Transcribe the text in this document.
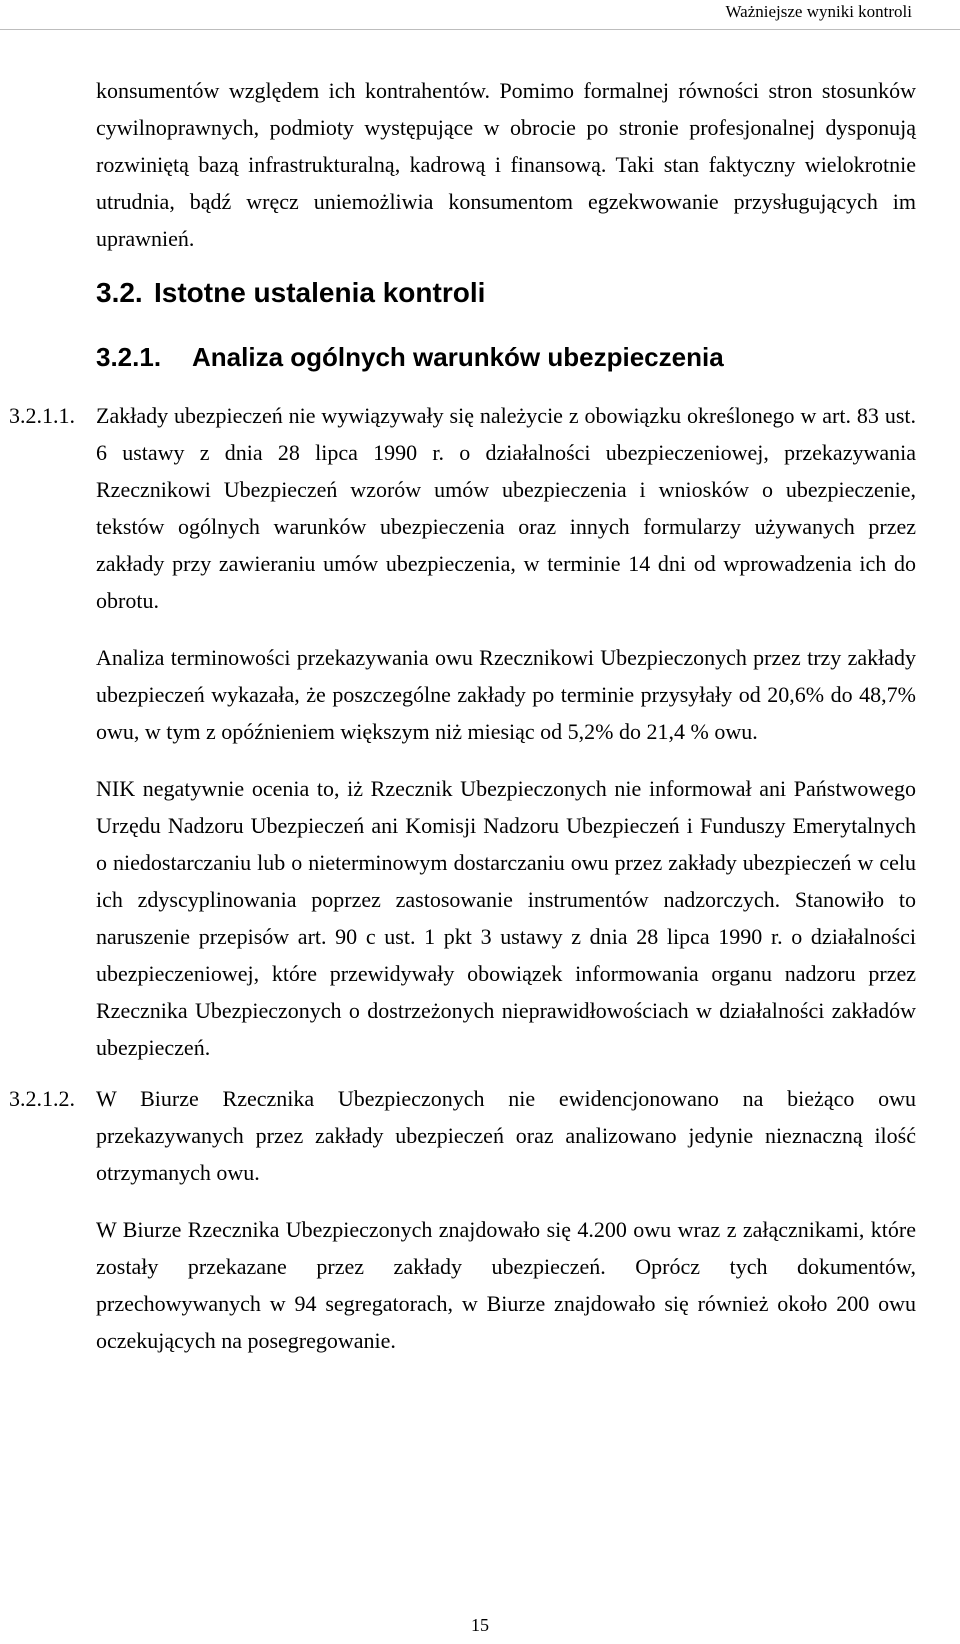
Ważniejsze wyniki kontroli

konsumentów względem ich kontrahentów. Pomimo formalnej równości stron stosunków cywilnoprawnych, podmioty występujące w obrocie po stronie profesjonalnej dysponują rozwiniętą bazą infrastrukturalną, kadrową i finansową. Taki stan faktyczny wielokrotnie utrudnia, bądź wręcz uniemożliwia konsumentom egzekwowanie przysługujących im uprawnień.

3.2. Istotne ustalenia kontroli
3.2.1. Analiza ogólnych warunków ubezpieczenia
3.2.1.1. Zakłady ubezpieczeń nie wywiązywały się należycie z obowiązku określonego w art. 83 ust. 6 ustawy z dnia 28 lipca 1990 r. o działalności ubezpieczeniowej, przekazywania Rzecznikowi Ubezpieczeń wzorów umów ubezpieczenia i wniosków o ubezpieczenie, tekstów ogólnych warunków ubezpieczenia oraz innych formularzy używanych przez zakłady przy zawieraniu umów ubezpieczenia, w terminie 14 dni od wprowadzenia ich do obrotu.

Analiza terminowości przekazywania owu Rzecznikowi Ubezpieczonych przez trzy zakłady ubezpieczeń wykazała, że poszczególne zakłady po terminie przysyłały od 20,6% do 48,7% owu, w tym z opóźnieniem większym niż miesiąc od 5,2% do 21,4 % owu.

NIK negatywnie ocenia to, iż Rzecznik Ubezpieczonych nie informował ani Państwowego Urzędu Nadzoru Ubezpieczeń ani Komisji Nadzoru Ubezpieczeń i Funduszy Emerytalnych o niedostarczaniu lub o nieterminowym dostarczaniu owu przez zakłady ubezpieczeń w celu ich zdyscyplinowania poprzez zastosowanie instrumentów nadzorczych. Stanowiło to naruszenie przepisów art. 90 c ust. 1 pkt 3 ustawy z dnia 28 lipca 1990 r. o działalności ubezpieczeniowej, które przewidywały obowiązek informowania organu nadzoru przez Rzecznika Ubezpieczonych o dostrzeżonych nieprawidłowościach w działalności zakładów ubezpieczeń.

3.2.1.2. W Biurze Rzecznika Ubezpieczonych nie ewidencjonowano na bieżąco owu przekazywanych przez zakłady ubezpieczeń oraz analizowano jedynie nieznaczną ilość otrzymanych owu.

W Biurze Rzecznika Ubezpieczonych znajdowało się 4.200 owu wraz z załącznikami, które zostały przekazane przez zakłady ubezpieczeń. Oprócz tych dokumentów, przechowywanych w 94 segregatorach, w Biurze znajdowało się również około 200 owu oczekujących na posegregowanie.

15
